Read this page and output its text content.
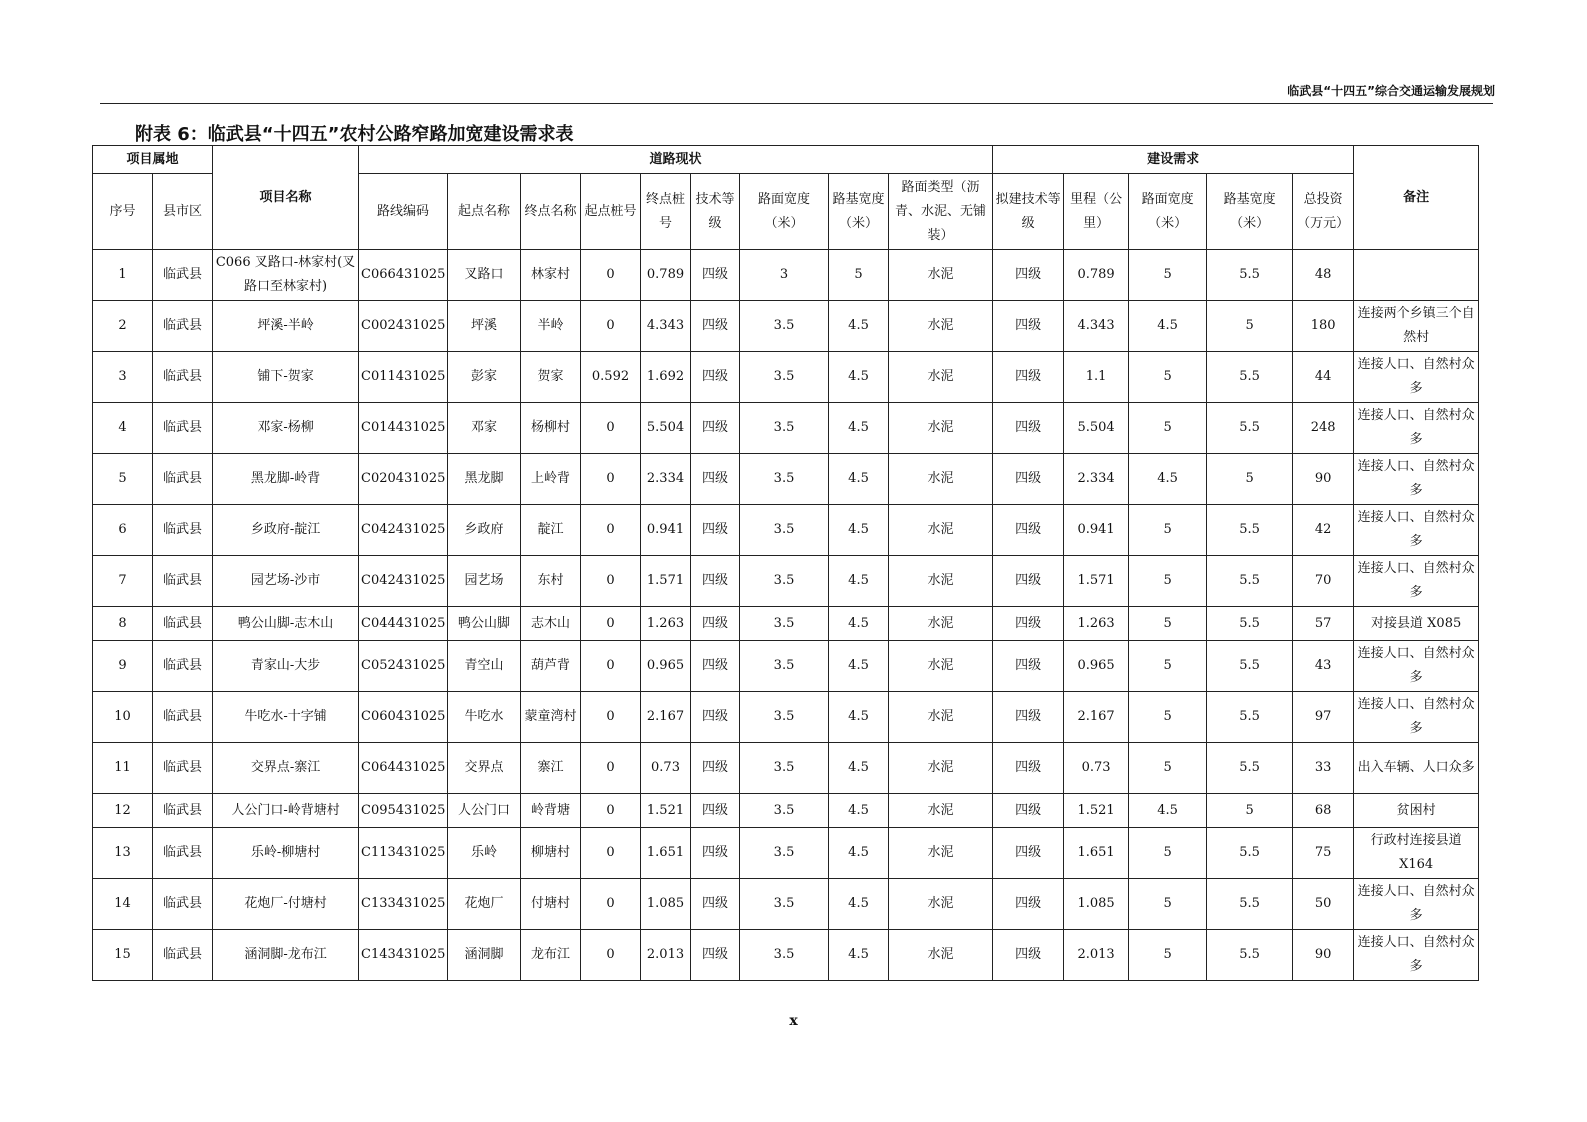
临武县“十四五”综合交通运输发展规划
附表 6：临武县“十四五”农村公路窄路加宽建设需求表
项目属地		项目名称	道路现状									建设需求					备注
序号	县市区		路线编码	起点名称	终点名称	起点桩号	终点桩号	技术等级	路面宽度（米）	路基宽度（米）	路面类型（沥青、水泥、无铺装）	拟建技术等级	里程（公里）	路面宽度（米）	路基宽度（米）	总投资（万元）	
1	临武县	C066 叉路口-林家村(叉路口至林家村)	C066431025	叉路口	林家村	0	0.789	四级	3	5	水泥	四级	0.789	5	5.5	48	
2	临武县	坪溪-半岭	C002431025	坪溪	半岭	0	4.343	四级	3.5	4.5	水泥	四级	4.343	4.5	5	180	连接两个乡镇三个自然村
3	临武县	铺下-贺家	C011431025	彭家	贺家	0.592	1.692	四级	3.5	4.5	水泥	四级	1.1	5	5.5	44	连接人口、自然村众多
4	临武县	邓家-杨柳	C014431025	邓家	杨柳村	0	5.504	四级	3.5	4.5	水泥	四级	5.504	5	5.5	248	连接人口、自然村众多
5	临武县	黑龙脚-岭背	C020431025	黑龙脚	上岭背	0	2.334	四级	3.5	4.5	水泥	四级	2.334	4.5	5	90	连接人口、自然村众多
6	临武县	乡政府-靛江	C042431025	乡政府	靛江	0	0.941	四级	3.5	4.5	水泥	四级	0.941	5	5.5	42	连接人口、自然村众多
7	临武县	园艺场-沙市	C042431025	园艺场	东村	0	1.571	四级	3.5	4.5	水泥	四级	1.571	5	5.5	70	连接人口、自然村众多
8	临武县	鸭公山脚-志木山	C044431025	鸭公山脚	志木山	0	1.263	四级	3.5	4.5	水泥	四级	1.263	5	5.5	57	对接县道 X085
9	临武县	青家山-大步	C052431025	青空山	葫芦背	0	0.965	四级	3.5	4.5	水泥	四级	0.965	5	5.5	43	连接人口、自然村众多
10	临武县	牛吃水-十字铺	C060431025	牛吃水	蒙童湾村	0	2.167	四级	3.5	4.5	水泥	四级	2.167	5	5.5	97	连接人口、自然村众多
11	临武县	交界点-寨江	C064431025	交界点	寨江	0	0.73	四级	3.5	4.5	水泥	四级	0.73	5	5.5	33	出入车辆、人口众多
12	临武县	人公门口-岭背塘村	C095431025	人公门口	岭背塘	0	1.521	四级	3.5	4.5	水泥	四级	1.521	4.5	5	68	贫困村
13	临武县	乐岭-柳塘村	C113431025	乐岭	柳塘村	0	1.651	四级	3.5	4.5	水泥	四级	1.651	5	5.5	75	行政村连接县道 X164
14	临武县	花炮厂-付塘村	C133431025	花炮厂	付塘村	0	1.085	四级	3.5	4.5	水泥	四级	1.085	5	5.5	50	连接人口、自然村众多
15	临武县	涵洞脚-龙布江	C143431025	涵洞脚	龙布江	0	2.013	四级	3.5	4.5	水泥	四级	2.013	5	5.5	90	连接人口、自然村众多
x
